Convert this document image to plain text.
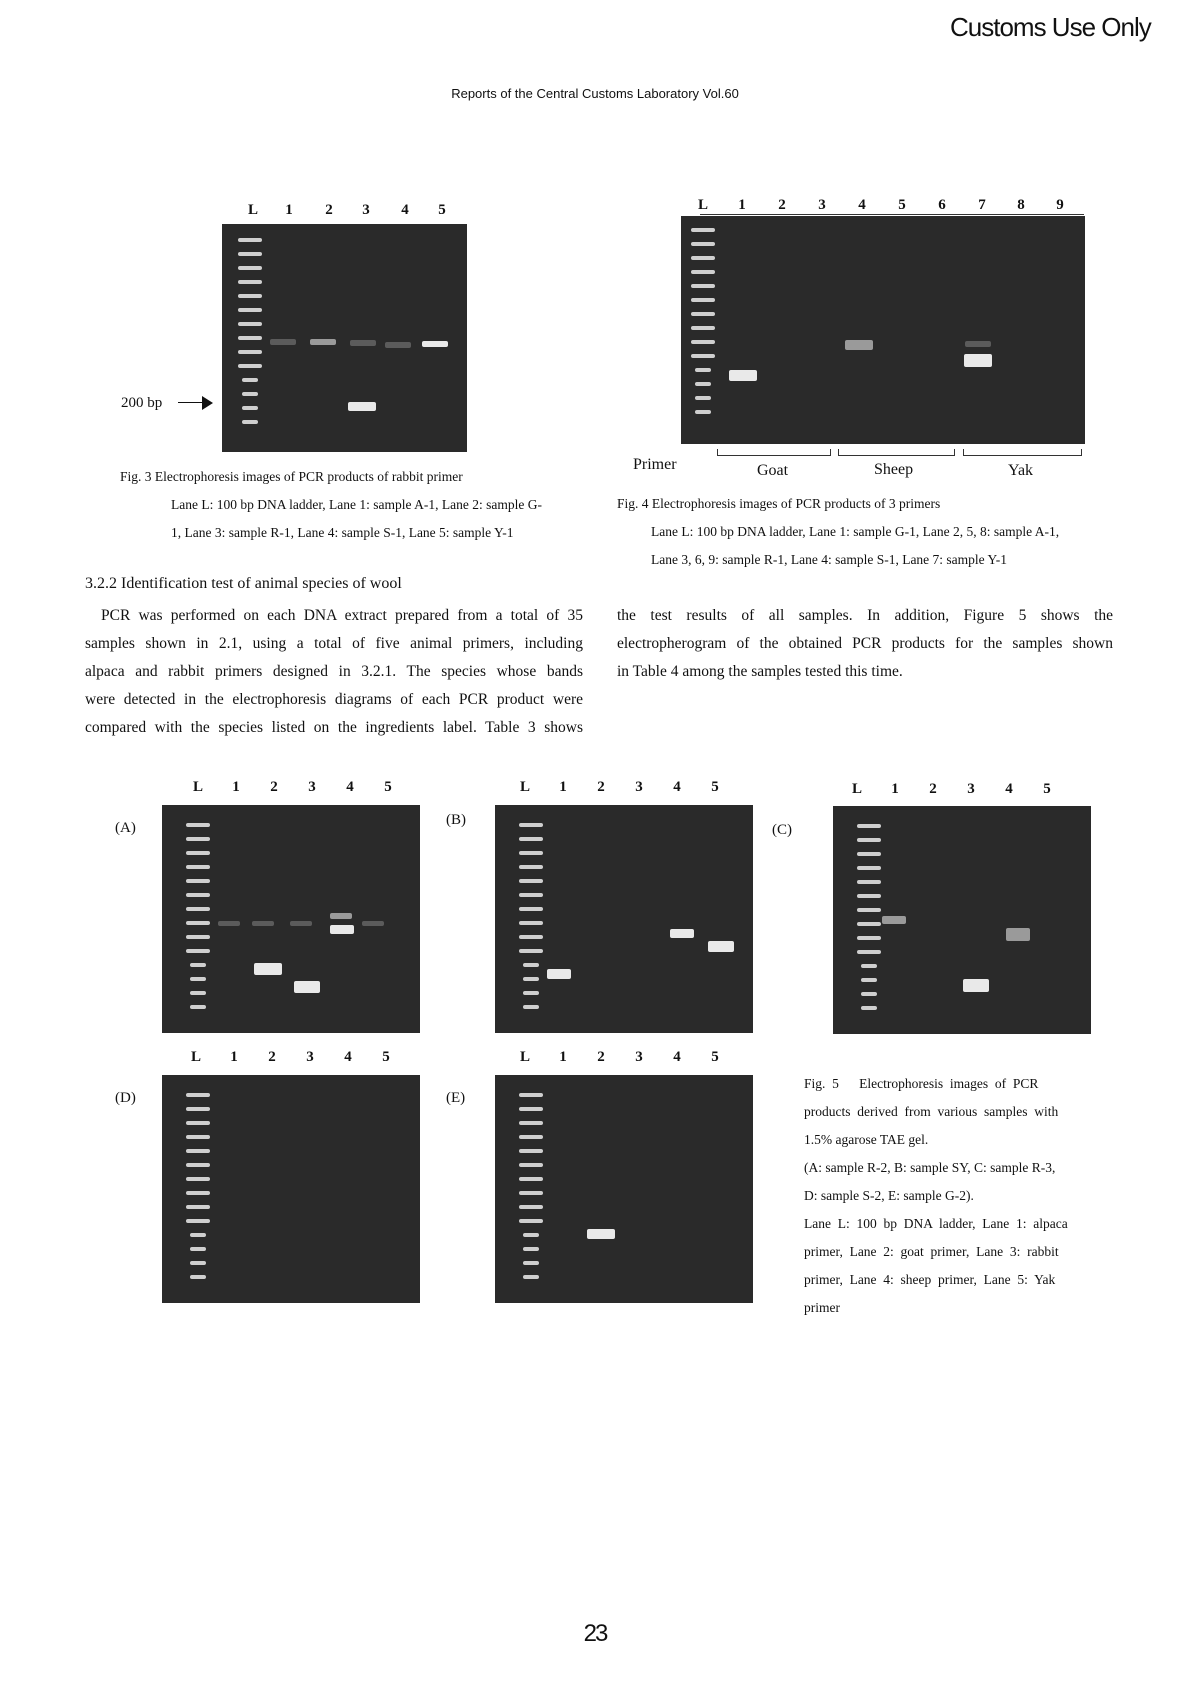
Customs Use Only
Reports of the Central Customs Laboratory Vol.60
L	1	2	3	4	5
200 bp
Fig. 3 Electrophoresis images of PCR products of rabbit primer
Lane L: 100 bp DNA ladder, Lane 1: sample A-1, Lane 2: sample G-
1, Lane 3: sample R-1, Lane 4: sample S-1, Lane 5: sample Y-1
L	1	2	3	4	5	6	7	8	9
Primer	Goat	Sheep	Yak
Fig. 4 Electrophoresis images of PCR products of 3 primers
Lane L: 100 bp DNA ladder, Lane 1: sample G-1, Lane 2, 5, 8: sample A-1,
Lane 3, 6, 9: sample R-1, Lane 4: sample S-1, Lane 7: sample Y-1
3.2.2 Identification test of animal species of wool
PCR was performed on each DNA extract prepared from a total of 35
samples shown in 2.1, using a total of five animal primers, including
alpaca and rabbit primers designed in 3.2.1. The species whose bands
were detected in the electrophoresis diagrams of each PCR product were
compared with the species listed on the ingredients label. Table 3 shows
the test results of all samples. In addition, Figure 5 shows the
electropherogram of the obtained PCR products for the samples shown
in Table 4 among the samples tested this time.
(A)
L	1	2	3	4	5
(B)
L	1	2	3	4	5
(C)
L	1	2	3	4	5
(D)
L	1	2	3	4	5
(E)
L	1	2	3	4	5
Fig.  5      Electrophoresis  images  of  PCR
products  derived  from  various  samples  with
1.5% agarose TAE gel.
(A: sample R-2, B: sample SY, C: sample R-3,
D: sample S-2, E: sample G-2).
Lane  L:  100  bp  DNA  ladder,  Lane  1:  alpaca
primer,  Lane  2:  goat  primer,  Lane  3:  rabbit
primer,  Lane  4:  sheep  primer,  Lane  5:  Yak
primer
23
